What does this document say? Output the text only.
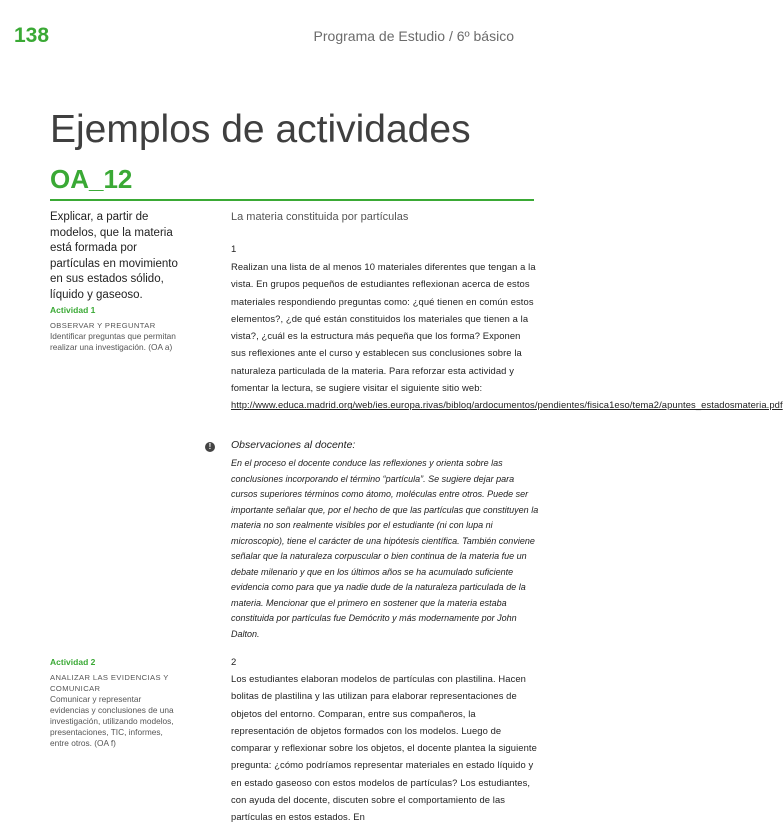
138	Programa de Estudio / 6º básico
Ejemplos de actividades
OA_12

Explicar, a partir de modelos, que la materia está formada por partículas en movimiento en sus estados sólido, líquido y gaseoso.

Actividad 1
OBSERVAR Y PREGUNTAR
Identificar preguntas que permitan realizar una investigación. (OA a)
Actividad 2
ANALIZAR LAS EVIDENCIAS Y COMUNICAR
Comunicar y representar evidencias y conclusiones de una investigación, utilizando modelos, presentaciones, TIC, informes, entre otros. (OA f)

La materia constituida por partículas

1

Realizan una lista de al menos 10 materiales diferentes que tengan a la vista. En grupos pequeños de estudiantes reflexionan acerca de estos materiales respondiendo preguntas como: ¿qué tienen en común estos elementos?, ¿de qué están constituidos los materiales que tienen a la vista?, ¿cuál es la estructura más pequeña que los forma? Exponen sus reflexiones ante el curso y establecen sus conclusiones sobre la naturaleza particulada de la materia. Para reforzar esta actividad y fomentar la lectura, se sugiere visitar el siguiente sitio web: http://www.educa.madrid.org/web/ies.europa.rivas/biblog/ardocumentos/pendientes/fisica1eso/tema2/apuntes_estadosmateria.pdf

!	Observaciones al docente:

En el proceso el docente conduce las reflexiones y orienta sobre las conclusiones incorporando el término “partícula”. Se sugiere dejar para cursos superiores términos como átomo, moléculas entre otros. Puede ser importante señalar que, por el hecho de que las partículas que constituyen la materia no son realmente visibles por el estudiante (ni con lupa ni microscopio), tiene el carácter de una hipótesis científica. También conviene señalar que la naturaleza corpuscular o bien continua de la materia fue un debate milenario y que en los últimos años se ha acumulado suficiente evidencia como para que ya nadie dude de la naturaleza particulada de la materia. Mencionar que el primero en sostener que la materia estaba constituida por partículas fue Demócrito y más modernamente por John Dalton.

2

Los estudiantes elaboran modelos de partículas con plastilina. Hacen bolitas de plastilina y las utilizan para elaborar representaciones de objetos del entorno. Comparan, entre sus compañeros, la representación de objetos formados con los modelos. Luego de comparar y reflexionar sobre los objetos, el docente plantea la siguiente pregunta: ¿cómo podríamos representar materiales en estado líquido y en estado gaseoso con estos modelos de partículas? Los estudiantes, con ayuda del docente, discuten sobre el comportamiento de las partículas en estos estados. En
